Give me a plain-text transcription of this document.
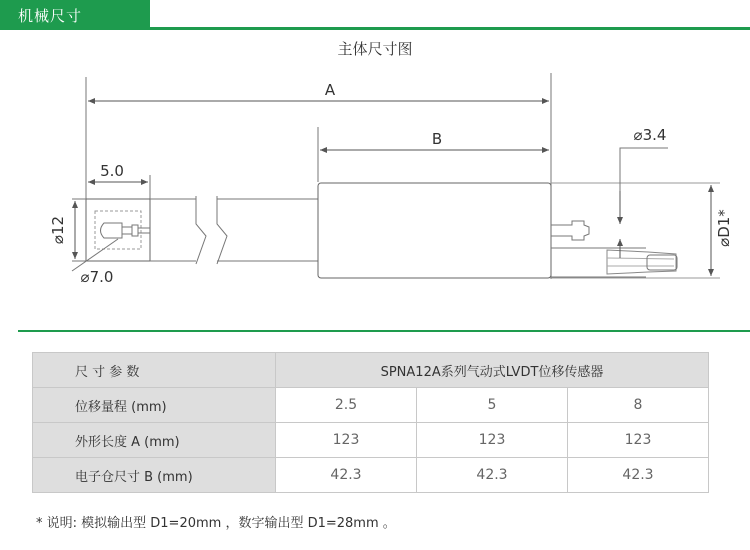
机械尺寸
主体尺寸图
A
B
5.0
⌀3.4
⌀7.0
⌀12	⌀D1*
尺 寸 参 数	SPNA12A系列气动式LVDT位移传感器		
位移量程 (mm)	2.5	5	8
外形长度 A (mm)	123	123	123
电子仓尺寸 B (mm)	42.3	42.3	42.3
* 说明: 模拟输出型 D1=20mm ，数字输出型 D1=28mm 。
